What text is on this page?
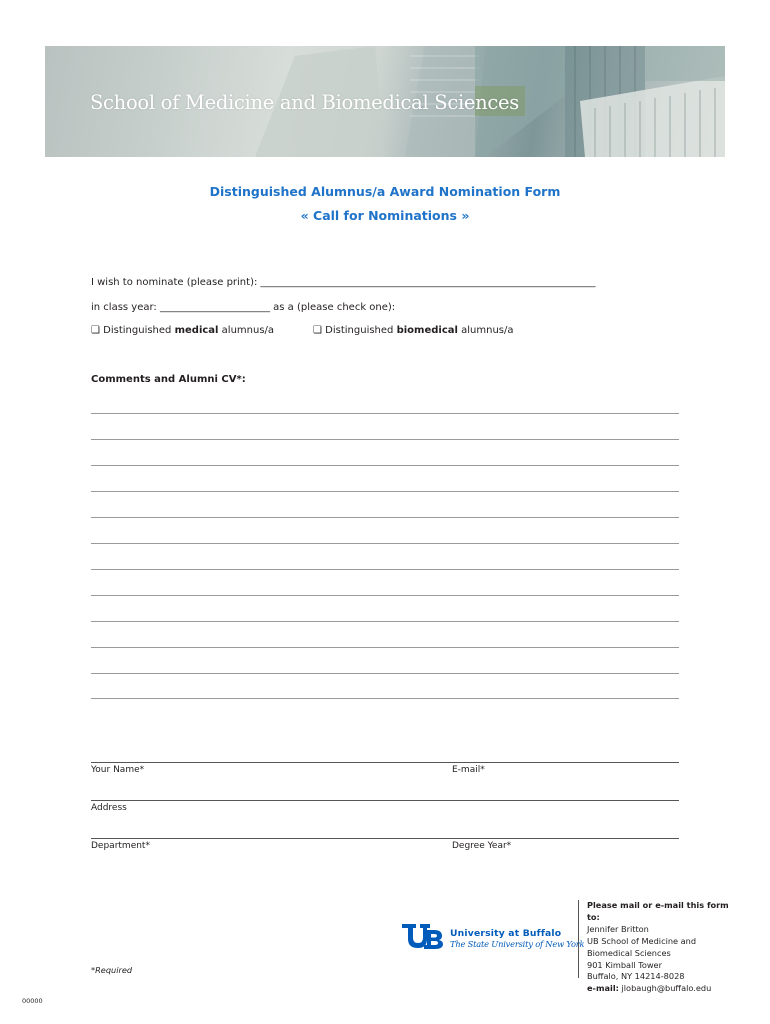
School of Medicine and Biomedical Sciences
Distinguished Alumnus/a Award Nomination Form
« Call for Nominations »
I wish to nominate (please print): ___________________________________________________________________
in class year: ______________________ as a (please check one):
❏ Distinguished medical alumnus/a	❏ Distinguished biomedical alumnus/a
Comments and Alumni CV*:
Your Name*	E-mail*
Address
Department*	Degree Year*
University at Buffalo
The State University of New York
Please mail or e-mail this form to:
Jennifer Britton
UB School of Medicine and
Biomedical Sciences
901 Kimball Tower
Buffalo, NY 14214-8028
e-mail: jlobaugh@buffalo.edu
*Required
00000
